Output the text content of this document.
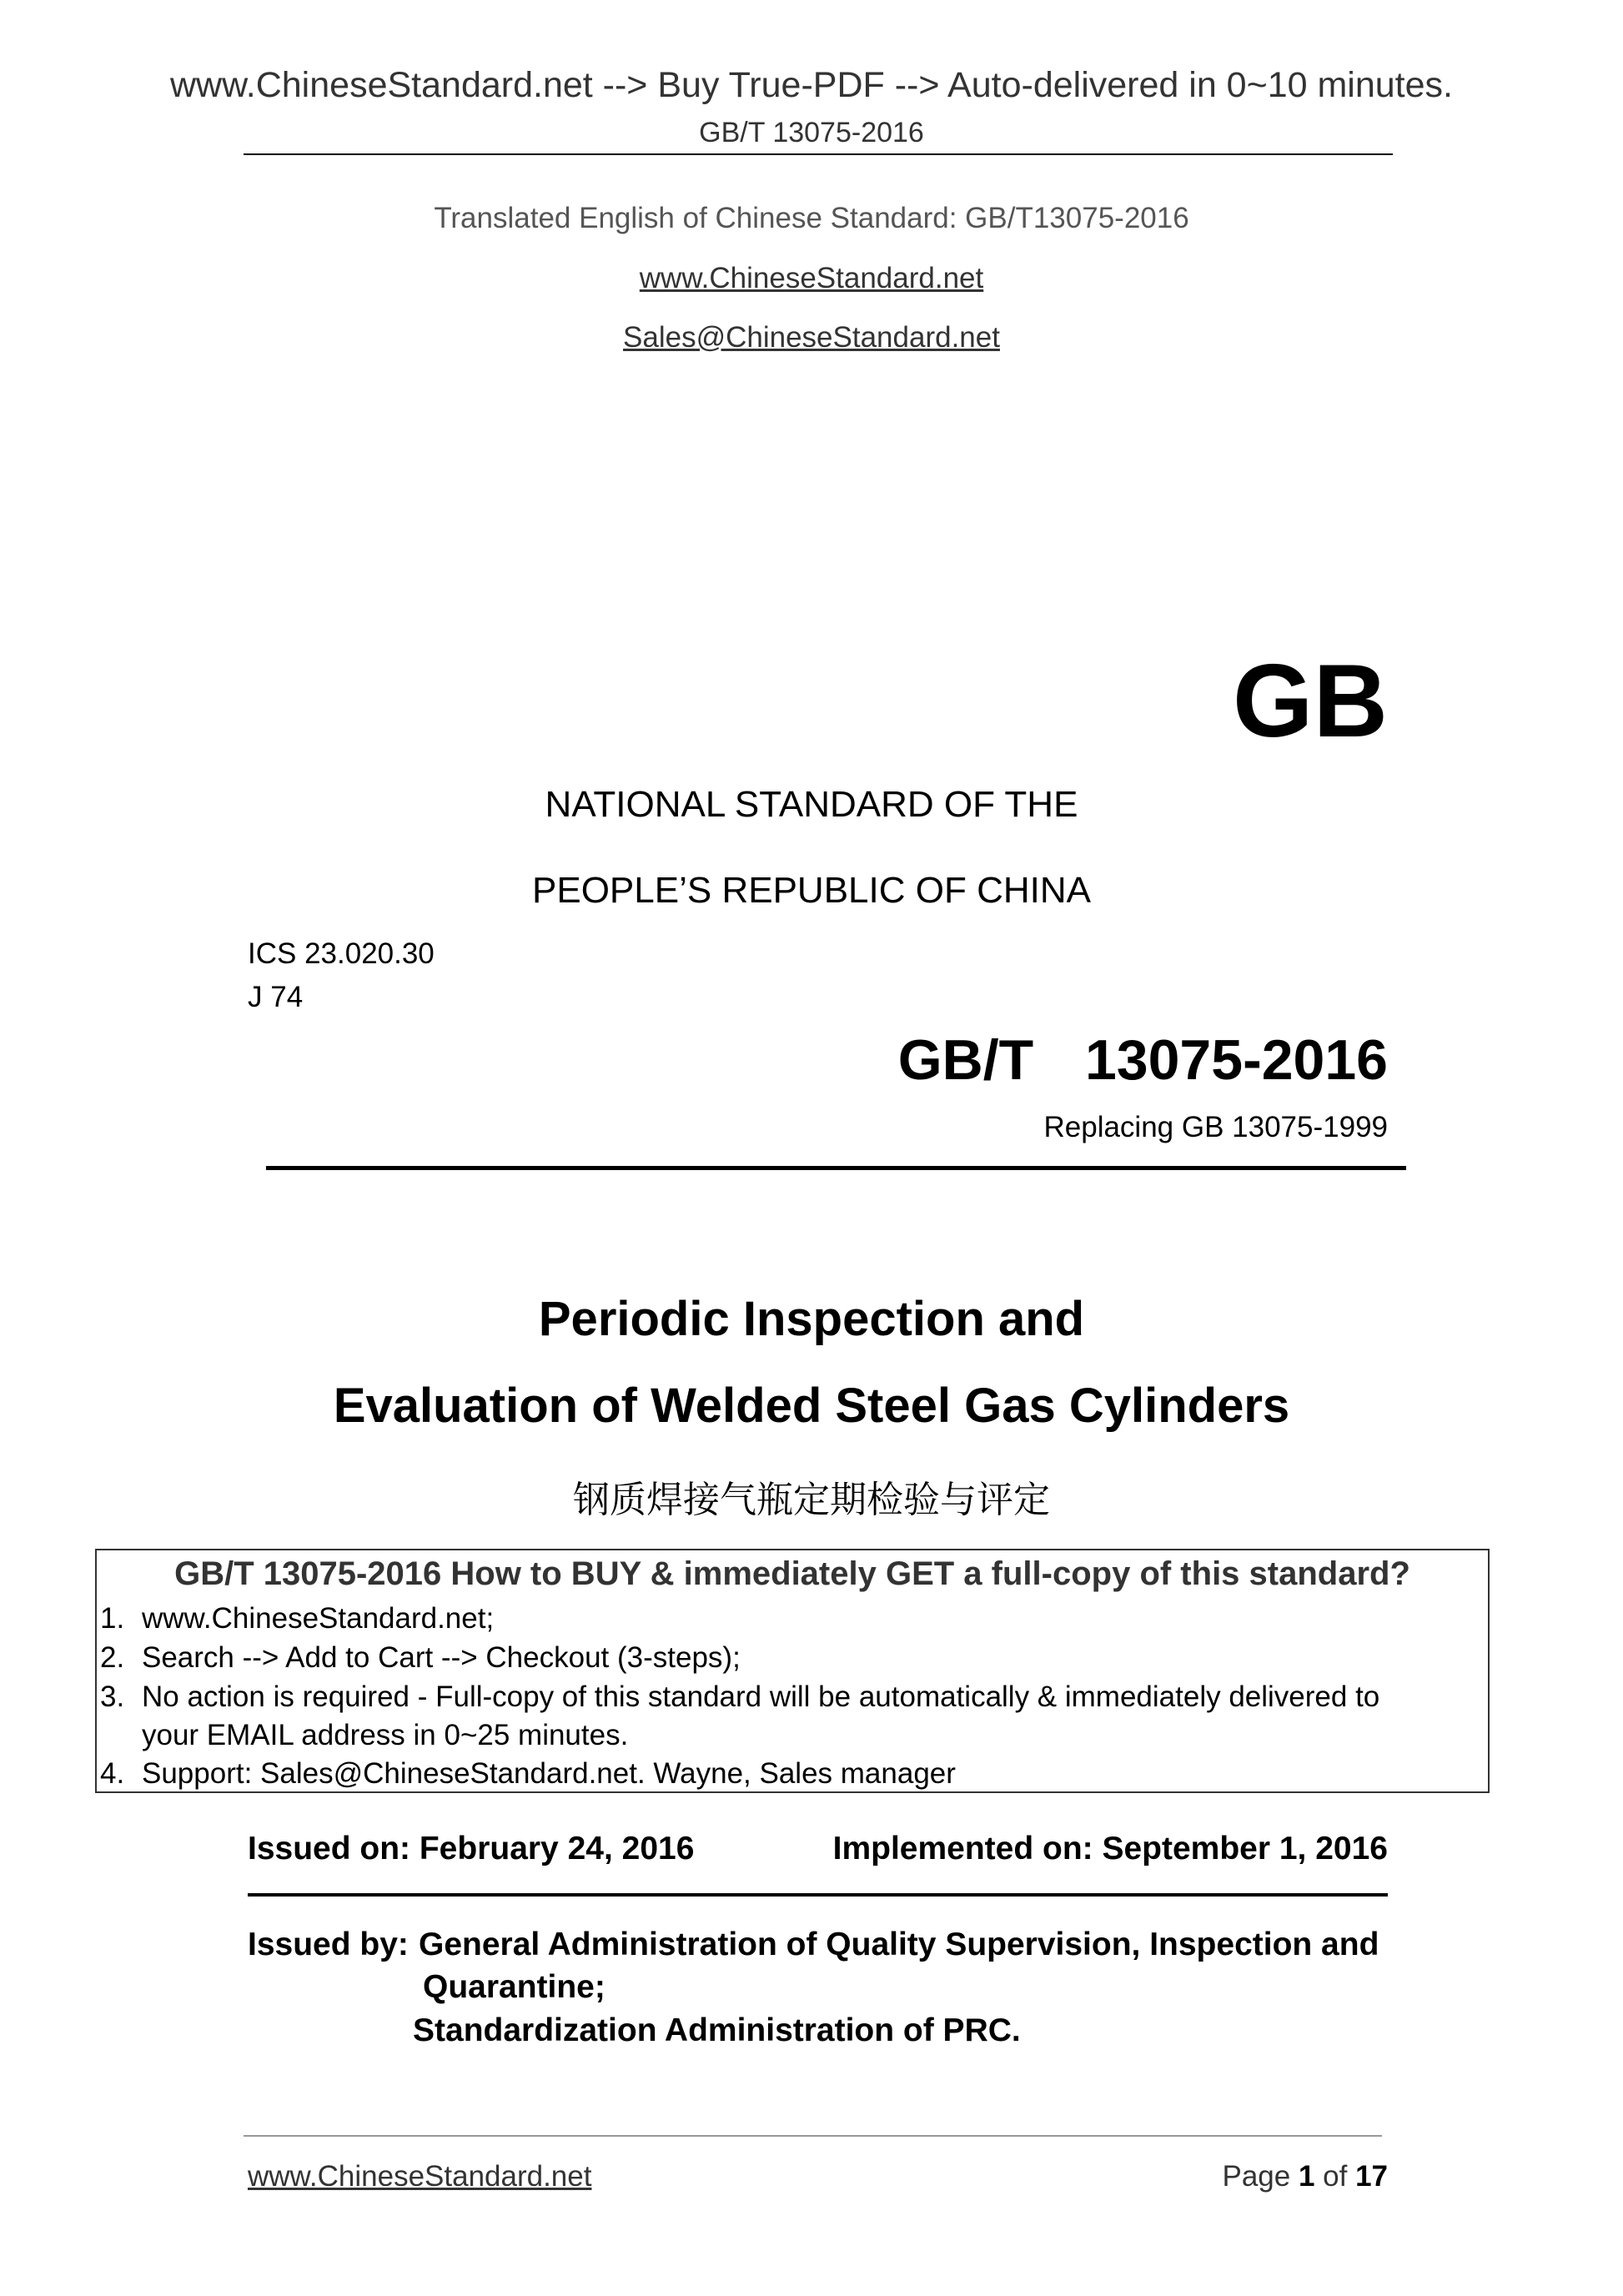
www.ChineseStandard.net --> Buy True-PDF --> Auto-delivered in 0~10 minutes.
GB/T 13075-2016
Translated English of Chinese Standard: GB/T13075-2016
www.ChineseStandard.net
Sales@ChineseStandard.net
GB
NATIONAL STANDARD OF THE
PEOPLE’S REPUBLIC OF CHINA
ICS 23.020.30
J 74
GB/T  13075-2016
Replacing GB 13075-1999
Periodic Inspection and
Evaluation of Welded Steel Gas Cylinders
钢质焊接气瓶定期检验与评定
GB/T 13075-2016 How to BUY & immediately GET a full-copy of this standard?
1. www.ChineseStandard.net;
2. Search --> Add to Cart --> Checkout (3-steps);
3. No action is required - Full-copy of this standard will be automatically & immediately delivered to
your EMAIL address in 0~25 minutes.
4. Support: Sales@ChineseStandard.net. Wayne, Sales manager
Issued on: February 24, 2016	Implemented on: September 1, 2016
Issued by: General Administration of Quality Supervision, Inspection and
Quarantine;
Standardization Administration of PRC.
www.ChineseStandard.net	Page 1 of 17
